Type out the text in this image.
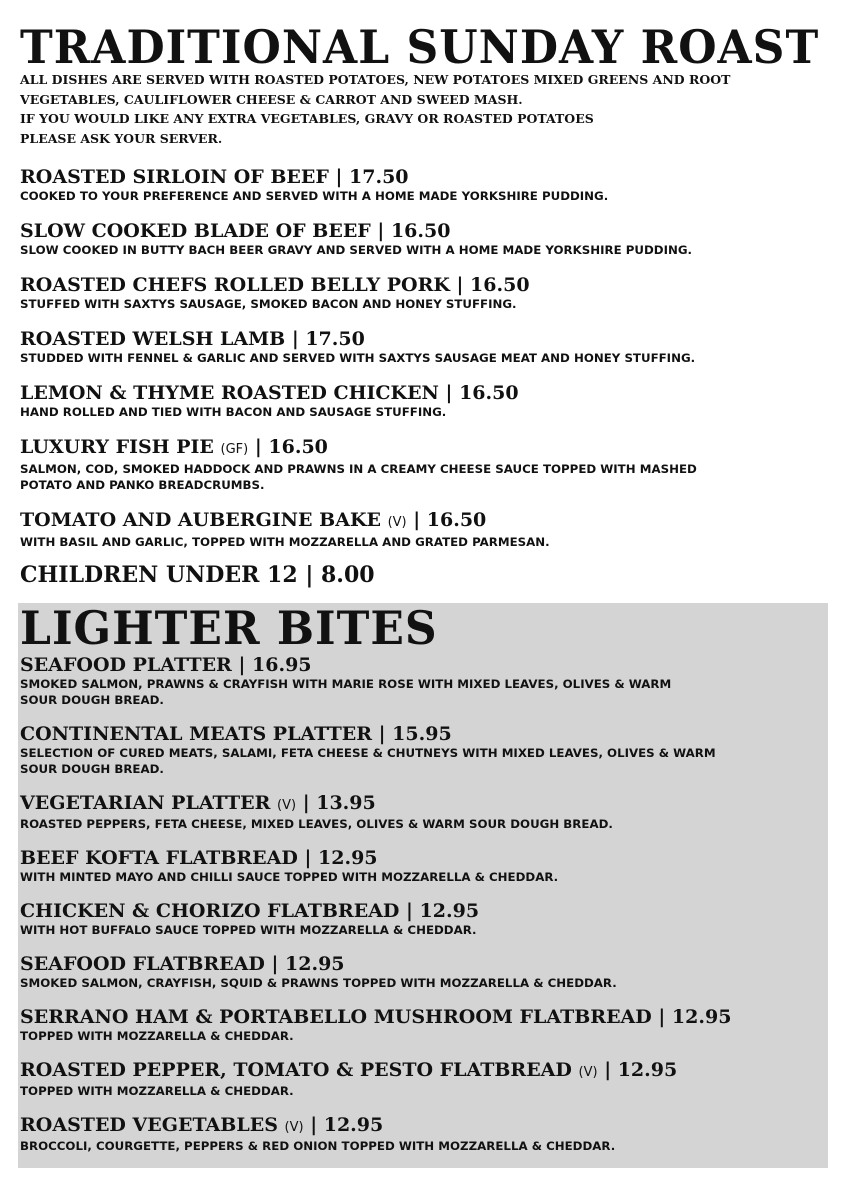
TRADITIONAL SUNDAY ROAST
ALL DISHES ARE SERVED WITH ROASTED POTATOES, NEW POTATOES MIXED GREENS AND ROOT
VEGETABLES, CAULIFLOWER CHEESE & CARROT AND SWEED MASH.
IF YOU WOULD LIKE ANY EXTRA VEGETABLES, GRAVY OR ROASTED POTATOES
PLEASE ASK YOUR SERVER.
ROASTED SIRLOIN OF BEEF | 17.50
COOKED TO YOUR PREFERENCE AND SERVED WITH A HOME MADE YORKSHIRE PUDDING.
SLOW COOKED BLADE OF BEEF | 16.50
SLOW COOKED IN BUTTY BACH BEER GRAVY AND SERVED WITH A HOME MADE YORKSHIRE PUDDING.
ROASTED CHEFS ROLLED BELLY PORK | 16.50
STUFFED WITH SAXTYS SAUSAGE, SMOKED BACON AND HONEY STUFFING.
ROASTED WELSH LAMB | 17.50
STUDDED WITH FENNEL & GARLIC AND SERVED WITH SAXTYS SAUSAGE MEAT AND HONEY STUFFING.
LEMON & THYME ROASTED CHICKEN | 16.50
HAND ROLLED AND TIED WITH BACON AND SAUSAGE STUFFING.
LUXURY FISH PIE (GF) | 16.50
SALMON, COD, SMOKED HADDOCK AND PRAWNS IN A CREAMY CHEESE SAUCE TOPPED WITH MASHED
POTATO AND PANKO BREADCRUMBS.
TOMATO AND AUBERGINE BAKE (V) | 16.50
WITH BASIL AND GARLIC, TOPPED WITH MOZZARELLA AND GRATED PARMESAN.
CHILDREN UNDER 12 | 8.00
LIGHTER BITES
SEAFOOD PLATTER | 16.95
SMOKED SALMON, PRAWNS & CRAYFISH WITH MARIE ROSE WITH MIXED LEAVES, OLIVES & WARM
SOUR DOUGH BREAD.
CONTINENTAL MEATS PLATTER | 15.95
SELECTION OF CURED MEATS, SALAMI, FETA CHEESE & CHUTNEYS WITH MIXED LEAVES, OLIVES & WARM
SOUR DOUGH BREAD.
VEGETARIAN PLATTER (V) | 13.95
ROASTED PEPPERS, FETA CHEESE, MIXED LEAVES, OLIVES & WARM SOUR DOUGH BREAD.
BEEF KOFTA FLATBREAD | 12.95
WITH MINTED MAYO AND CHILLI SAUCE TOPPED WITH MOZZARELLA & CHEDDAR.
CHICKEN & CHORIZO FLATBREAD | 12.95
WITH HOT BUFFALO SAUCE TOPPED WITH MOZZARELLA & CHEDDAR.
SEAFOOD FLATBREAD | 12.95
SMOKED SALMON, CRAYFISH, SQUID & PRAWNS TOPPED WITH MOZZARELLA & CHEDDAR.
SERRANO HAM & PORTABELLO MUSHROOM FLATBREAD | 12.95
TOPPED WITH MOZZARELLA & CHEDDAR.
ROASTED PEPPER, TOMATO & PESTO FLATBREAD (V) | 12.95
TOPPED WITH MOZZARELLA & CHEDDAR.
ROASTED VEGETABLES (V) | 12.95
BROCCOLI, COURGETTE, PEPPERS & RED ONION TOPPED WITH MOZZARELLA & CHEDDAR.
